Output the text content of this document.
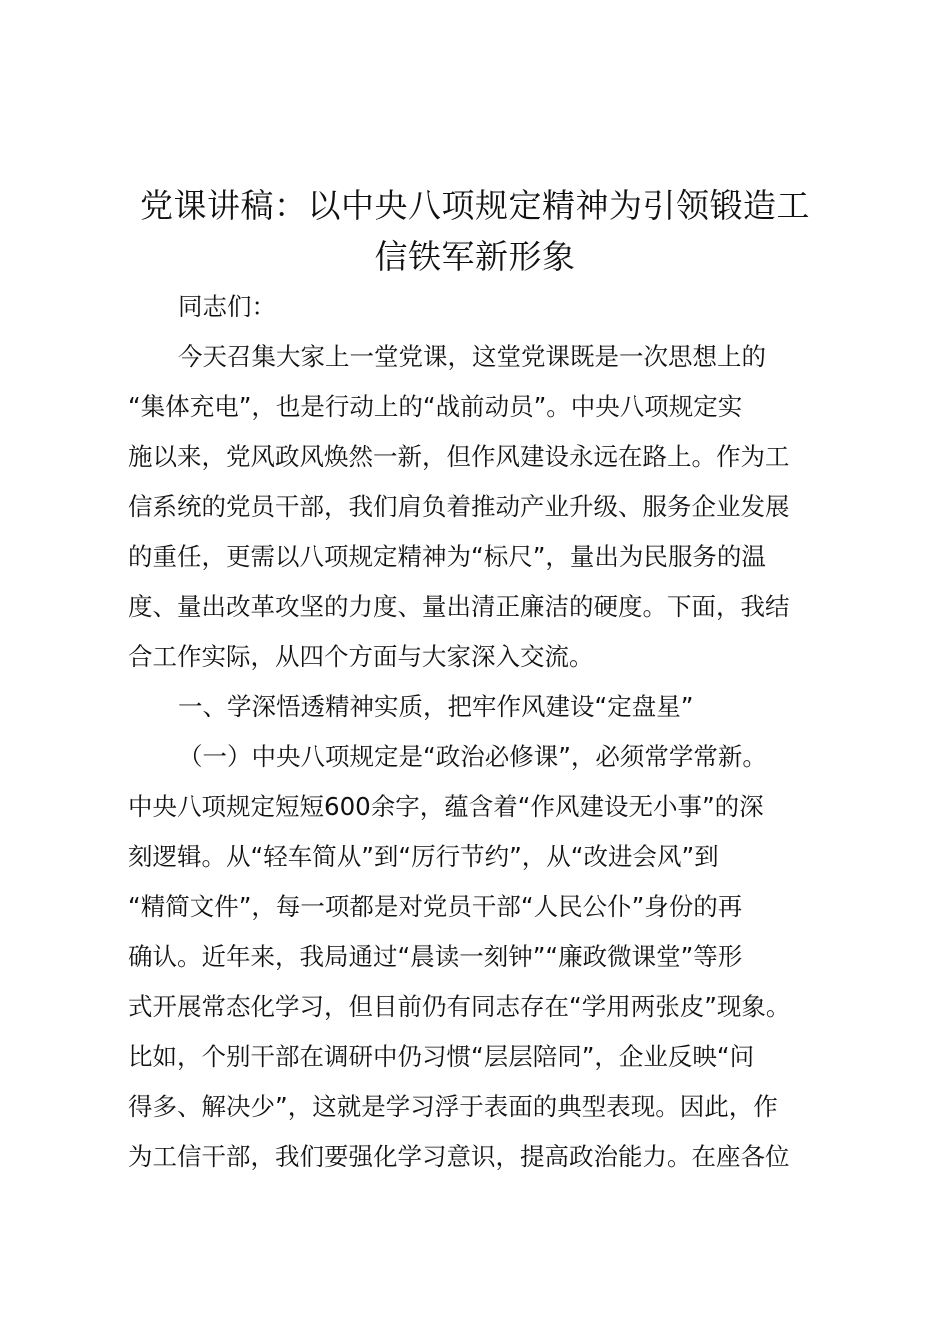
党课讲稿：以中央八项规定精神为引领锻造工
信铁军新形象

同志们：

今天召集大家上一堂党课，这堂党课既是一次思想上的
“集体充电”，也是行动上的“战前动员”。中央八项规定实
施以来，党风政风焕然一新，但作风建设永远在路上。作为工
信系统的党员干部，我们肩负着推动产业升级、服务企业发展
的重任，更需以八项规定精神为“标尺”，量出为民服务的温
度、量出改革攻坚的力度、量出清正廉洁的硬度。下面，我结
合工作实际，从四个方面与大家深入交流。

一、学深悟透精神实质，把牢作风建设“定盘星”

（一）中央八项规定是“政治必修课”，必须常学常新。
中央八项规定短短600余字，蕴含着“作风建设无小事”的深
刻逻辑。从“轻车简从”到“厉行节约”，从“改进会风”到
“精简文件”，每一项都是对党员干部“人民公仆”身份的再
确认。近年来，我局通过“晨读一刻钟”“廉政微课堂”等形
式开展常态化学习，但目前仍有同志存在“学用两张皮”现象。
比如，个别干部在调研中仍习惯“层层陪同”，企业反映“问
得多、解决少”，这就是学习浮于表面的典型表现。因此，作
为工信干部，我们要强化学习意识，提高政治能力。在座各位
